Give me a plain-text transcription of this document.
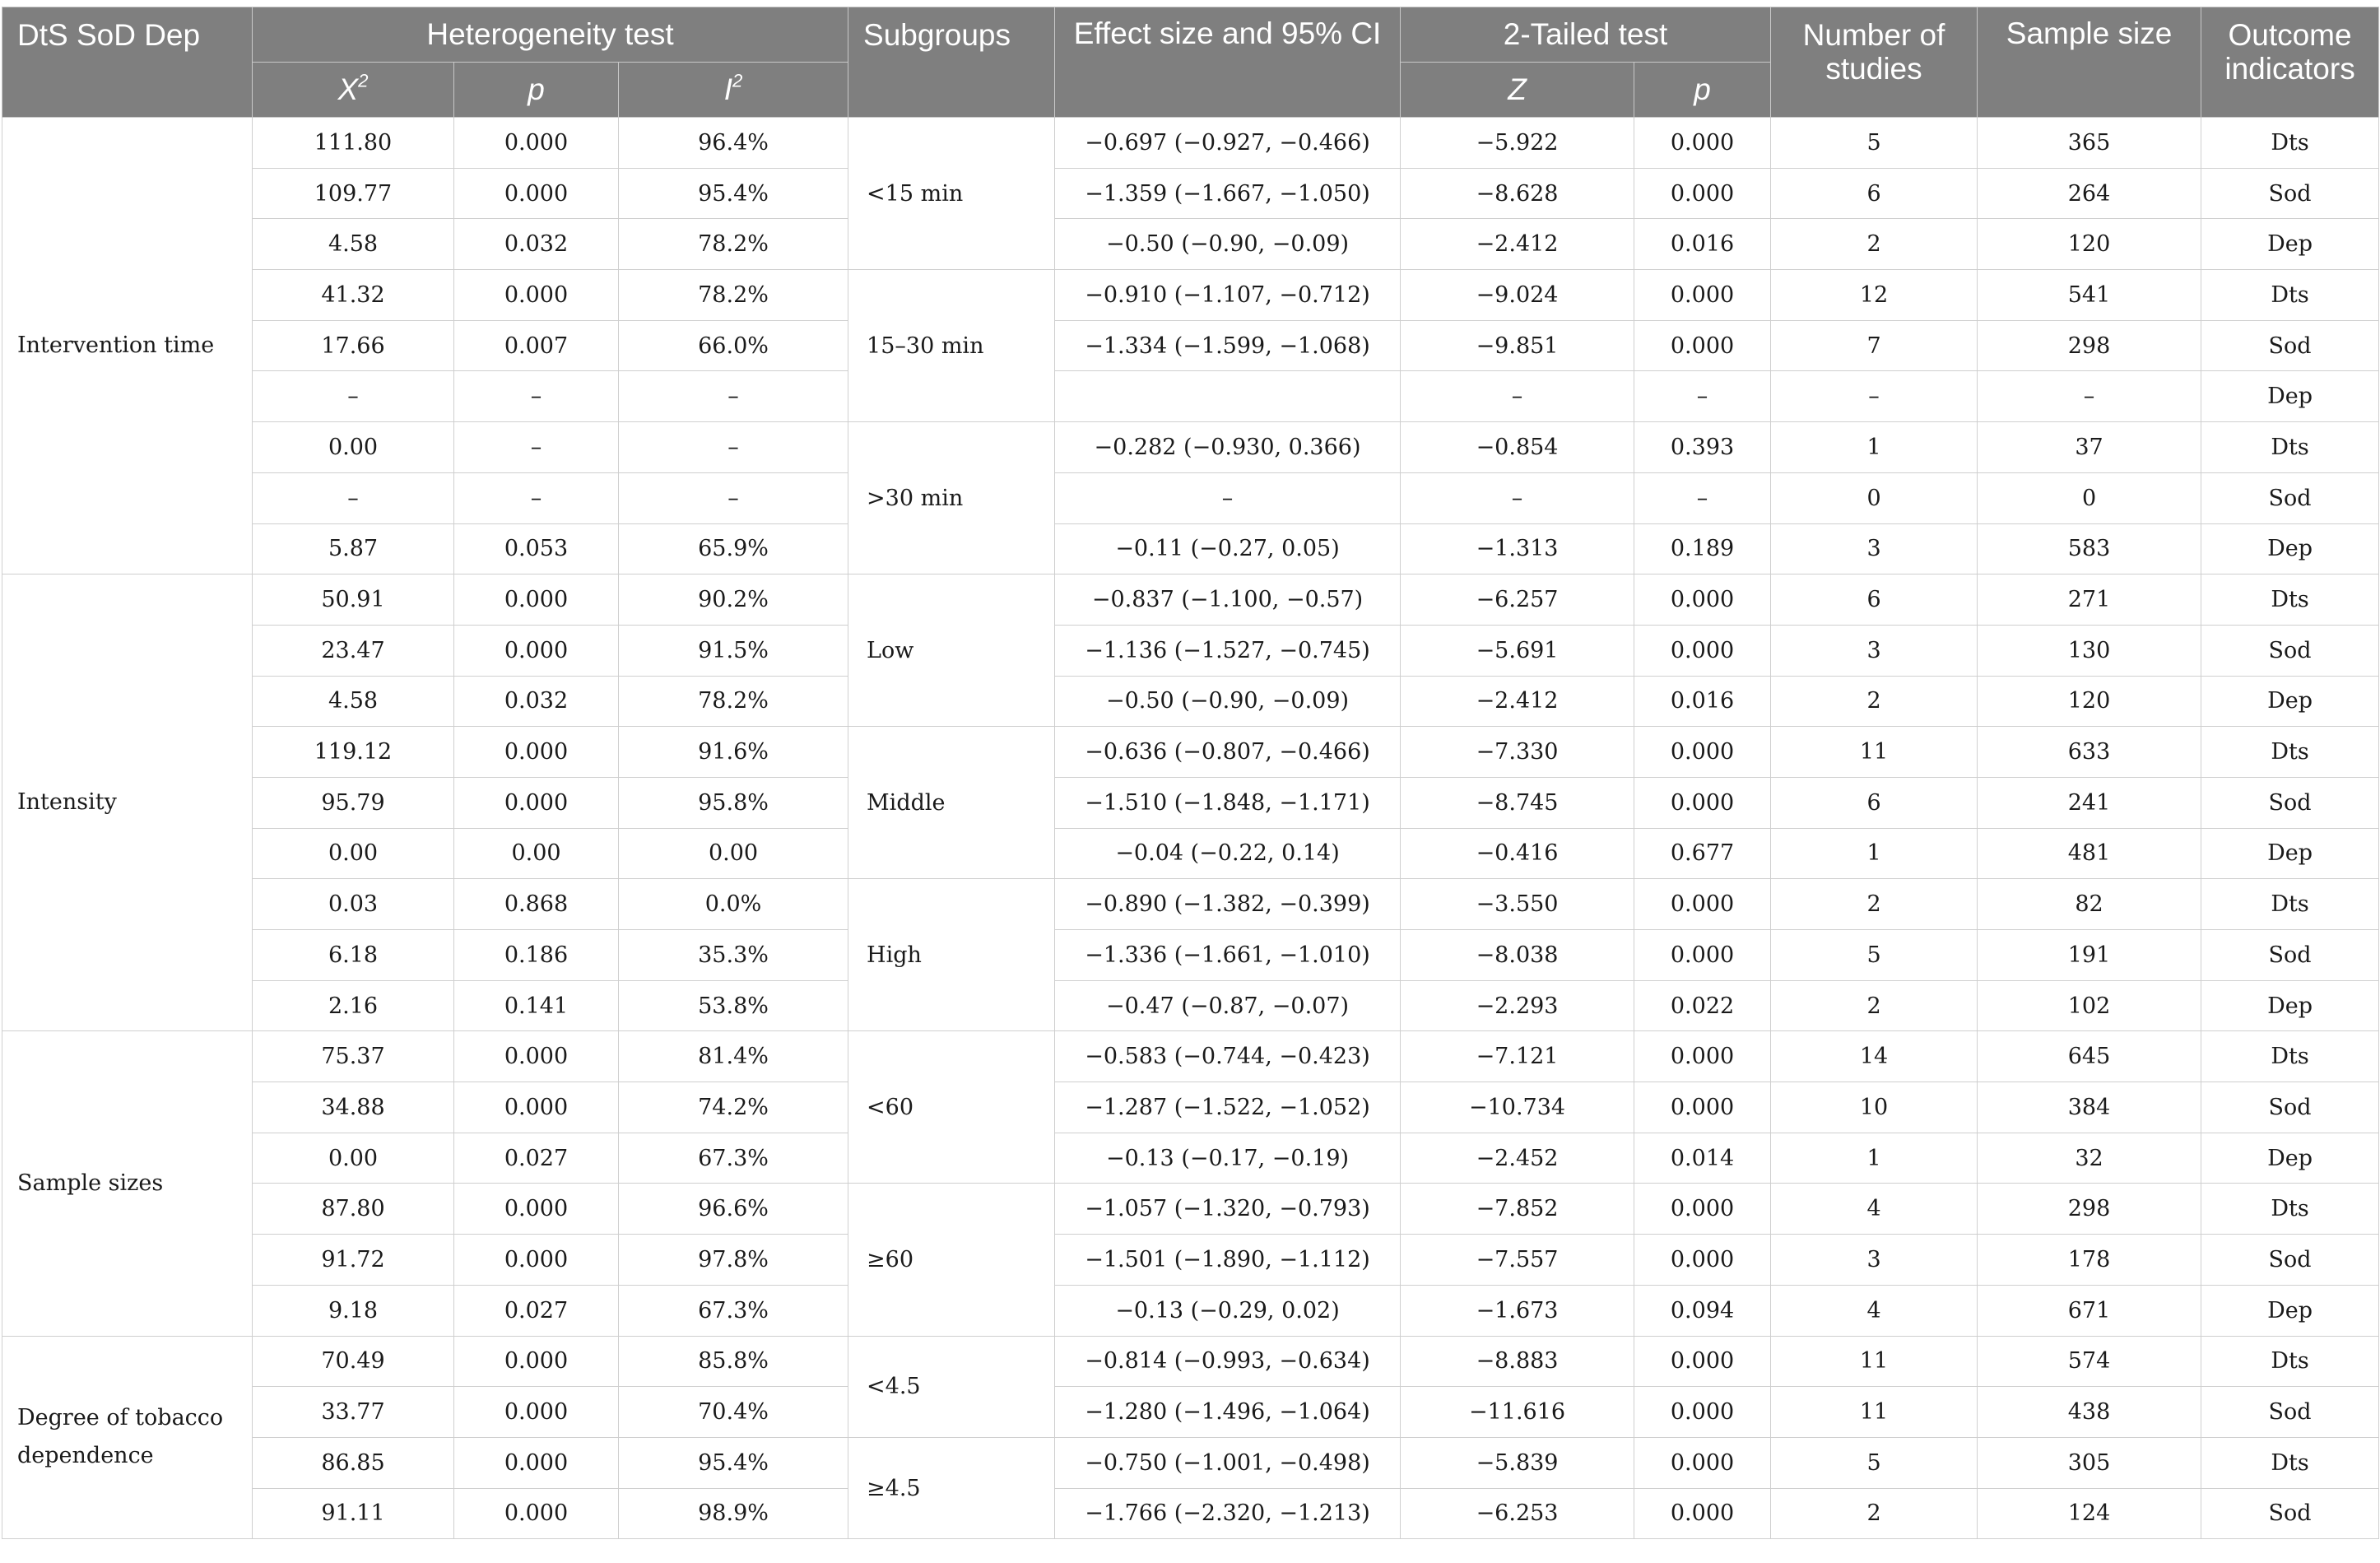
DtS SoD Dep	Heterogeneity test			Subgroups	Effect size and 95% CI	2-Tailed test		Number of studies	Sample size	Outcome indicators
	$X^2$	p	$I^2$			Z	p			
Intervention time	111.80	0.000	96.4%	<15 min	−0.697 (−0.927, −0.466)	−5.922	0.000	5	365	Dts
	109.77	0.000	95.4%		−1.359 (−1.667, −1.050)	−8.628	0.000	6	264	Sod
	4.58	0.032	78.2%		−0.50 (−0.90, −0.09)	−2.412	0.016	2	120	Dep
	41.32	0.000	78.2%	15–30 min	−0.910 (−1.107, −0.712)	−9.024	0.000	12	541	Dts
	17.66	0.007	66.0%		−1.334 (−1.599, −1.068)	−9.851	0.000	7	298	Sod
	–	–	–			–	–	–	–	Dep
	0.00	–	–	>30 min	−0.282 (−0.930, 0.366)	−0.854	0.393	1	37	Dts
	–	–	–		–	–	–	0	0	Sod
	5.87	0.053	65.9%		−0.11 (−0.27, 0.05)	−1.313	0.189	3	583	Dep
Intensity	50.91	0.000	90.2%	Low	−0.837 (−1.100, −0.57)	−6.257	0.000	6	271	Dts
	23.47	0.000	91.5%		−1.136 (−1.527, −0.745)	−5.691	0.000	3	130	Sod
	4.58	0.032	78.2%		−0.50 (−0.90, −0.09)	−2.412	0.016	2	120	Dep
	119.12	0.000	91.6%	Middle	−0.636 (−0.807, −0.466)	−7.330	0.000	11	633	Dts
	95.79	0.000	95.8%		−1.510 (−1.848, −1.171)	−8.745	0.000	6	241	Sod
	0.00	0.00	0.00		−0.04 (−0.22, 0.14)	−0.416	0.677	1	481	Dep
	0.03	0.868	0.0%	High	−0.890 (−1.382, −0.399)	−3.550	0.000	2	82	Dts
	6.18	0.186	35.3%		−1.336 (−1.661, −1.010)	−8.038	0.000	5	191	Sod
	2.16	0.141	53.8%		−0.47 (−0.87, −0.07)	−2.293	0.022	2	102	Dep
Sample sizes	75.37	0.000	81.4%	<60	−0.583 (−0.744, −0.423)	−7.121	0.000	14	645	Dts
	34.88	0.000	74.2%		−1.287 (−1.522, −1.052)	−10.734	0.000	10	384	Sod
	0.00	0.027	67.3%		−0.13 (−0.17, −0.19)	−2.452	0.014	1	32	Dep
	87.80	0.000	96.6%	≥60	−1.057 (−1.320, −0.793)	−7.852	0.000	4	298	Dts
	91.72	0.000	97.8%		−1.501 (−1.890, −1.112)	−7.557	0.000	3	178	Sod
	9.18	0.027	67.3%		−0.13 (−0.29, 0.02)	−1.673	0.094	4	671	Dep
Degree of tobacco dependence	70.49	0.000	85.8%	<4.5	−0.814 (−0.993, −0.634)	−8.883	0.000	11	574	Dts
	33.77	0.000	70.4%		−1.280 (−1.496, −1.064)	−11.616	0.000	11	438	Sod
	86.85	0.000	95.4%	≥4.5	−0.750 (−1.001, −0.498)	−5.839	0.000	5	305	Dts
	91.11	0.000	98.9%		−1.766 (−2.320, −1.213)	−6.253	0.000	2	124	Sod
